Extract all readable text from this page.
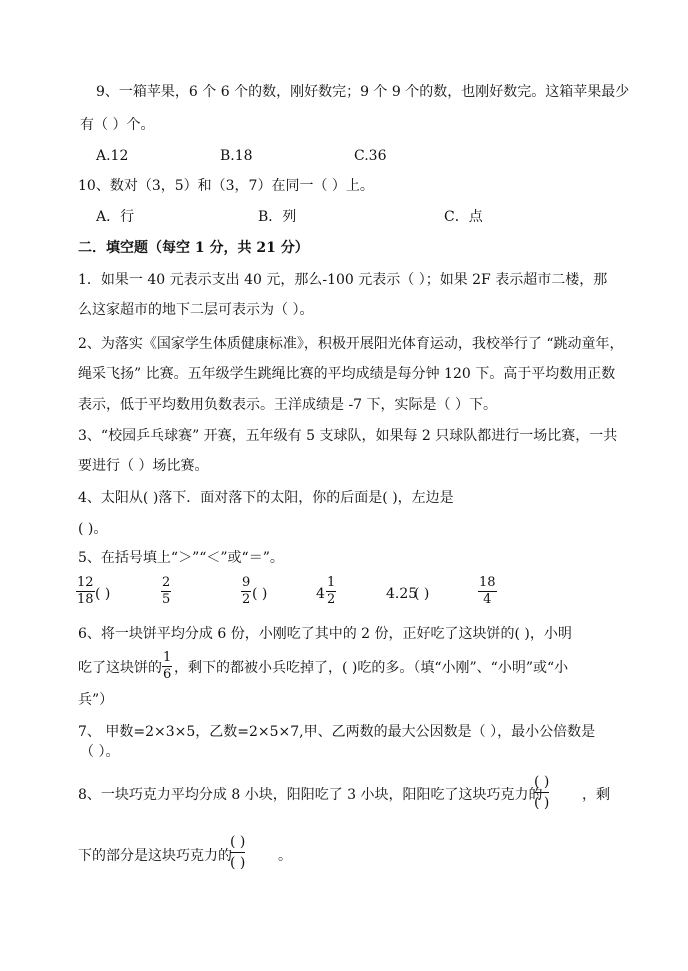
9、一箱苹果，6 个 6 个的数，刚好数完；9 个 9 个的数，也刚好数完。这箱苹果最少
有（ ）个。
A.12	B.18	C.36
10、数对（3，5）和（3，7）在同一（ ）上。
A．行	B．列	C．点
二．填空题（每空 1 分，共 21 分）
1．如果一 40 元表示支出 40 元，那么-100 元表示（ ）；如果 2F 表示超市二楼，那
么这家超市的地下二层可表示为（ ）。
2、为落实《国家学生体质健康标准》，积极开展阳光体育运动，我校举行了 “跳动童年，
绳采飞扬” 比赛。五年级学生跳绳比赛的平均成绩是每分钟 120 下。高于平均数用正数
表示，低于平均数用负数表示。王洋成绩是 -7 下，实际是（ ）下。
3、“校园乒乓球赛” 开赛，五年级有 5 支球队，如果每 2 只球队都进行一场比赛，一共
要进行（ ）场比赛。
4、太阳从( )落下．面对落下的太阳，你的后面是( )，左边是
( )。
5、在括号填上“＞”“＜”或“＝”。
12
18 ( )
2
5
9
2 ( )	4
1
2	4.25
( )
18
4
6、将一块饼平均分成 6 份，小刚吃了其中的 2 份，正好吃了这块饼的( )，小明
吃了这块饼的
1
6 ，剩下的都被小兵吃掉了，( )吃的多。（填“小刚”、“小明”或“小
兵”）
7、 甲数=2×3×5，乙数=2×5×7,甲、乙两数的最大公因数是（ ），最小公倍数是
（ ）。
8、一块巧克力平均分成 8 小块，阳阳吃了 3 小块，阳阳吃了这块巧克力的
( )
( ) ，剩
下的部分是这块巧克力的
( )
( ) 。
